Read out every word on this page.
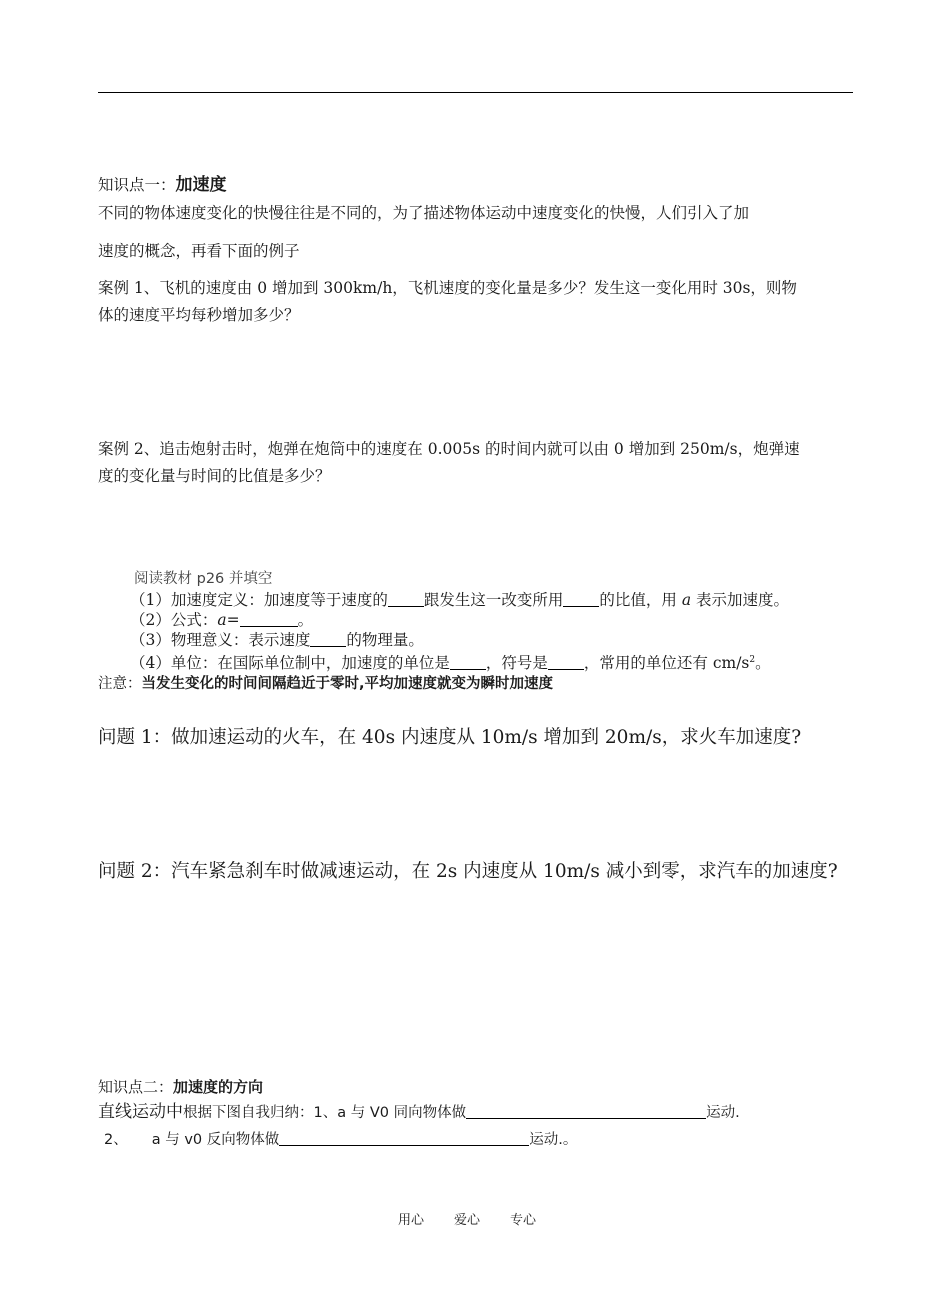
知识点一：加速度
不同的物体速度变化的快慢往往是不同的，为了描述物体运动中速度变化的快慢，人们引入了加
速度的概念，再看下面的例子
案例 1、飞机的速度由 0 增加到 300km/h，飞机速度的变化量是多少？发生这一变化用时 30s，则物
体的速度平均每秒增加多少？
案例 2、追击炮射击时，炮弹在炮筒中的速度在 0.005s 的时间内就可以由 0 增加到 250m/s，炮弹速
度的变化量与时间的比值是多少？
阅读教材 p26 并填空
（1）加速度定义：加速度等于速度的 跟发生这一改变所用 的比值，用 a 表示加速度。
（2）公式：a=	。
（3）物理意义：表示速度 的物理量。
（4）单位：在国际单位制中，加速度的单位是 ，符号是 ，常用的单位还有 $cm/s^2$。
注意：当发生变化的时间间隔趋近于零时,平均加速度就变为瞬时加速度
问题 1：做加速运动的火车，在 40s 内速度从 10m/s 增加到 20m/s，求火车加速度?
问题 2：汽车紧急刹车时做减速运动，在 2s 内速度从 10m/s 减小到零，求汽车的加速度?
知识点二：加速度的方向
直线运动中根据下图自我归纳：1、a 与 V0 同向物体做	运动.
2、 a 与 v0 反向物体做	运动.。
用心 爱心 专心
